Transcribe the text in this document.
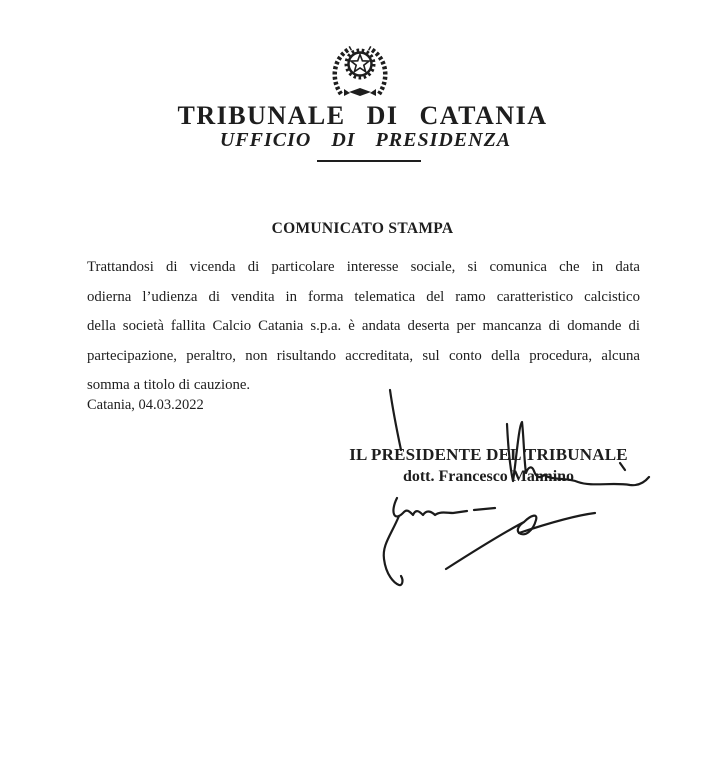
TRIBUNALE DI CATANIA
UFFICIO DI PRESIDENZA
COMUNICATO STAMPA
Trattandosi di vicenda di particolare interesse sociale, si comunica che in data
odierna l’udienza di vendita in forma telematica del ramo caratteristico calcistico
della società fallita Calcio Catania s.p.a. è andata deserta per mancanza di domande di
partecipazione, peraltro, non risultando accreditata, sul conto della procedura, alcuna
somma a titolo di cauzione.
Catania, 04.03.2022
IL PRESIDENTE DEL TRIBUNALE
dott. Francesco Mannino
